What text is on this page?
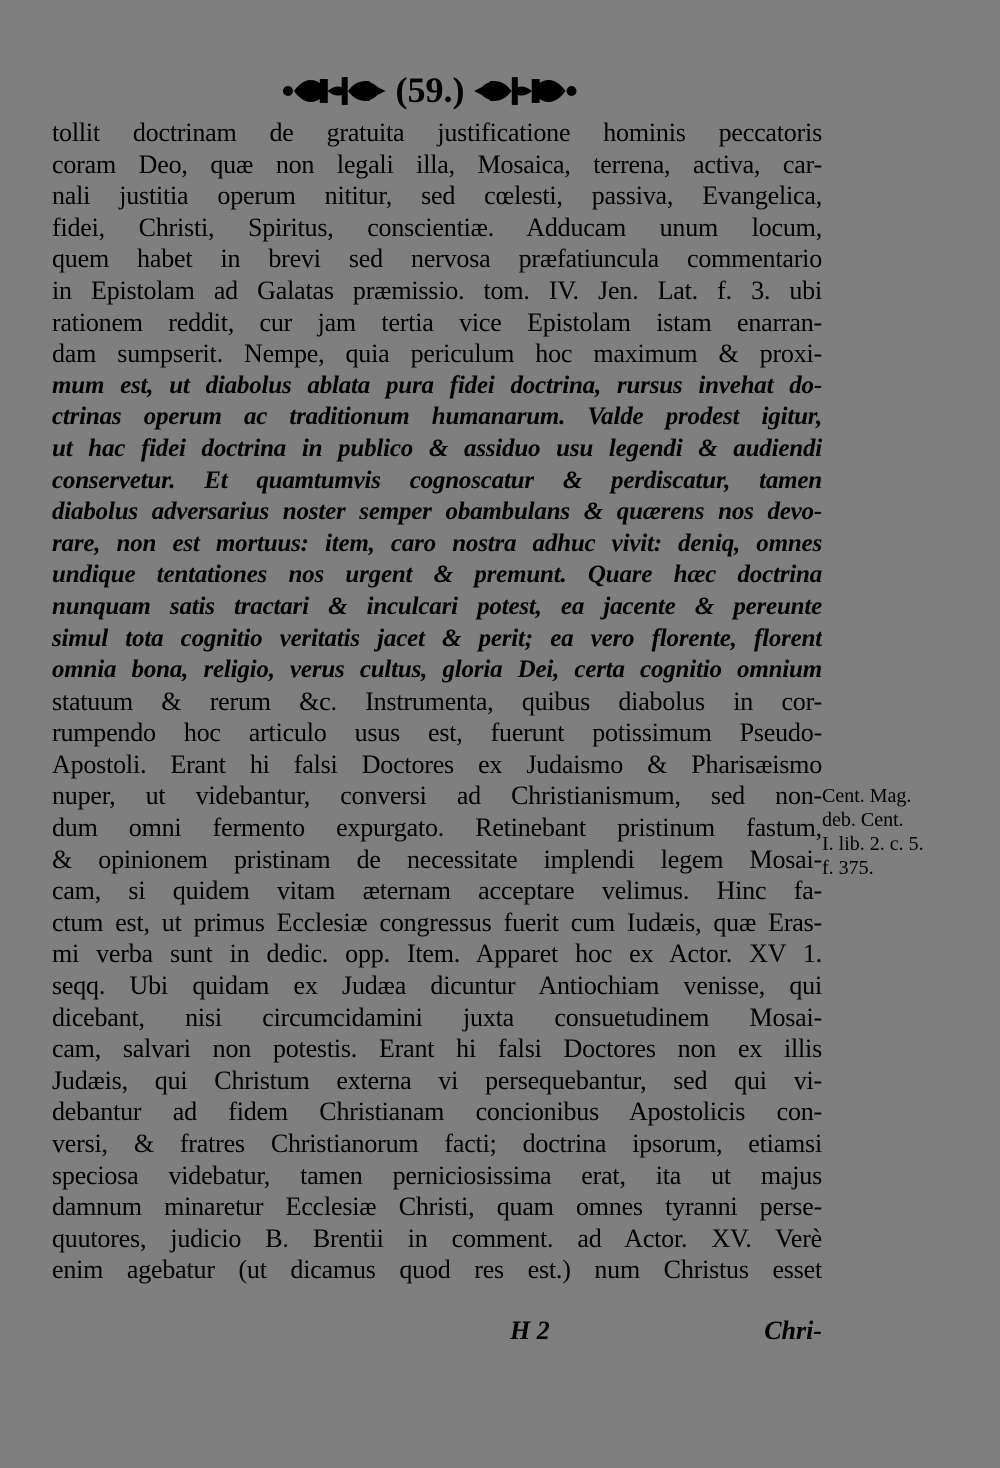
(59.)
tollit doctrinam de gratuita justificatione hominis peccatoris
coram Deo, quæ non legali illa, Mosaica, terrena, activa, car-
nali justitia operum nititur, sed cœlesti, passiva, Evangelica,
fidei, Christi, Spiritus, conscientiæ. Adducam unum locum,
quem habet in brevi sed nervosa præfatiuncula commentario
in Epistolam ad Galatas præmissio. tom. IV. Jen. Lat. f. 3. ubi
rationem reddit, cur jam tertia vice Epistolam istam enarran-
dam sumpserit. Nempe, quia periculum hoc maximum & proxi-
mum est, ut diabolus ablata pura fidei doctrina, rursus invehat do-
ctrinas operum ac traditionum humanarum. Valde prodest igitur,
ut hac fidei doctrina in publico & assiduo usu legendi & audiendi
conservetur. Et quamtumvis cognoscatur & perdiscatur, tamen
diabolus adversarius noster semper obambulans & quærens nos devo-
rare, non est mortuus: item, caro nostra adhuc vivit: deniq, omnes
undique tentationes nos urgent & premunt. Quare hæc doctrina
nunquam satis tractari & inculcari potest, ea jacente & pereunte
simul tota cognitio veritatis jacet & perit; ea vero florente, florent
omnia bona, religio, verus cultus, gloria Dei, certa cognitio omnium
statuum & rerum &c. Instrumenta, quibus diabolus in cor-
rumpendo hoc articulo usus est, fuerunt potissimum Pseudo-
Apostoli. Erant hi falsi Doctores ex Judaismo & Pharisæismo
nuper, ut videbantur, conversi ad Christianismum, sed non-
dum omni fermento expurgato. Retinebant pristinum fastum,
& opinionem pristinam de necessitate implendi legem Mosai-
cam, si quidem vitam æternam acceptare velimus. Hinc fa-
ctum est, ut primus Ecclesiæ congressus fuerit cum Iudæis, quæ Eras-
mi verba sunt in dedic. opp. Item. Apparet hoc ex Actor. XV 1.
seqq. Ubi quidam ex Judæa dicuntur Antiochiam venisse, qui
dicebant, nisi circumcidamini juxta consuetudinem Mosai-
cam, salvari non potestis. Erant hi falsi Doctores non ex illis
Judæis, qui Christum externa vi persequebantur, sed qui vi-
debantur ad fidem Christianam concionibus Apostolicis con-
versi, & fratres Christianorum facti; doctrina ipsorum, etiamsi
speciosa videbatur, tamen perniciosissima erat, ita ut majus
damnum minaretur Ecclesiæ Christi, quam omnes tyranni perse-
quutores, judicio B. Brentii in comment. ad Actor. XV. Verè
enim agebatur (ut dicamus quod res est.) num Christus esset
Cent. Mag.
deb. Cent.
I. lib. 2. c. 5.
f. 375.
H 2	Chri-
